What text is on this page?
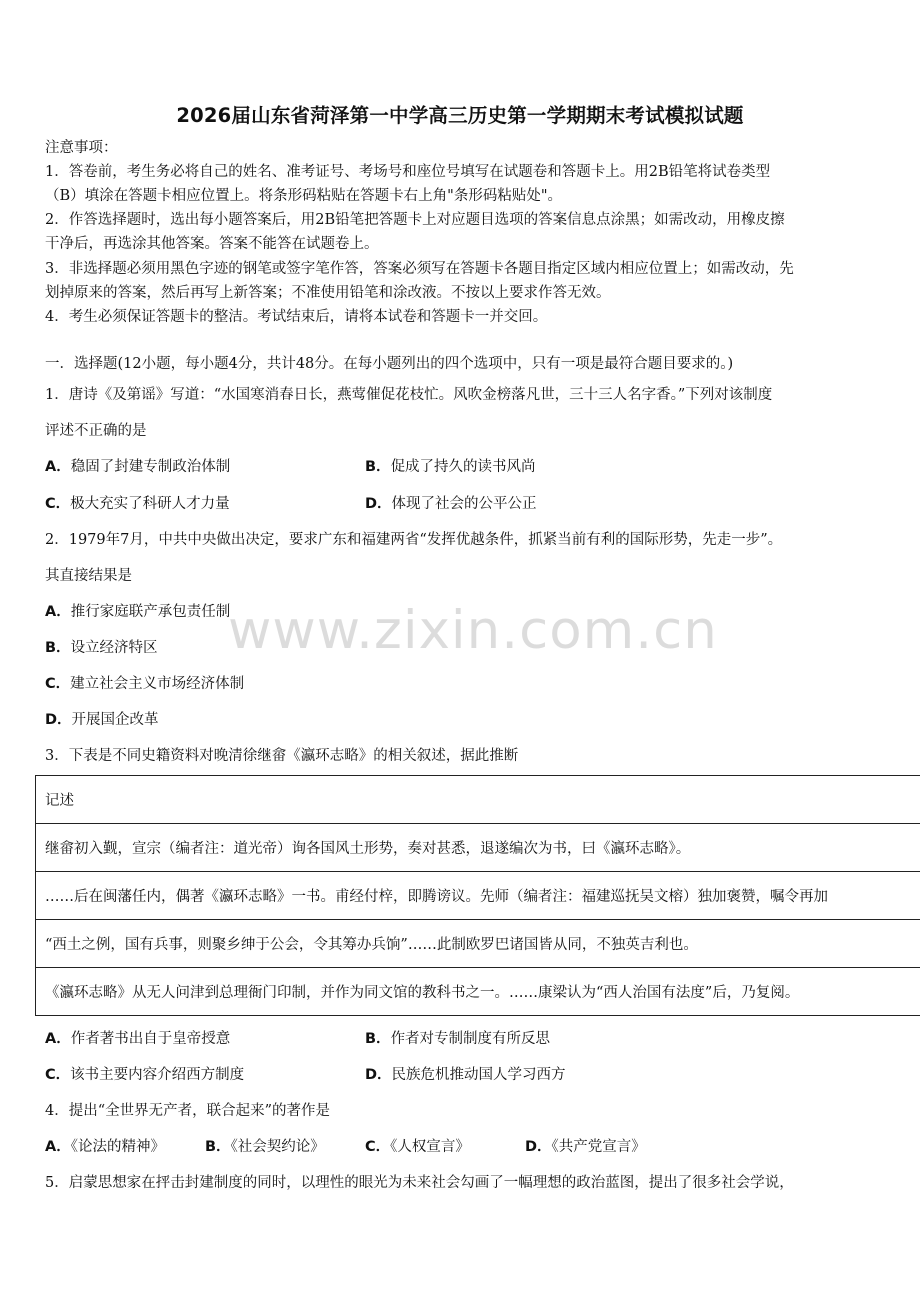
2026届山东省菏泽第一中学高三历史第一学期期末考试模拟试题
注意事项：
1．答卷前，考生务必将自己的姓名、准考证号、考场号和座位号填写在试题卷和答题卡上。用2B铅笔将试卷类型
（B）填涂在答题卡相应位置上。将条形码粘贴在答题卡右上角"条形码粘贴处"。
2．作答选择题时，选出每小题答案后，用2B铅笔把答题卡上对应题目选项的答案信息点涂黑；如需改动，用橡皮擦
干净后，再选涂其他答案。答案不能答在试题卷上。
3．非选择题必须用黑色字迹的钢笔或签字笔作答，答案必须写在答题卡各题目指定区域内相应位置上；如需改动，先
划掉原来的答案，然后再写上新答案；不准使用铅笔和涂改液。不按以上要求作答无效。
4．考生必须保证答题卡的整洁。考试结束后，请将本试卷和答题卡一并交回。
一．选择题(12小题，每小题4分，共计48分。在每小题列出的四个选项中，只有一项是最符合题目要求的。)
1．唐诗《及第谣》写道：“水国寒消春日长，燕莺催促花枝忙。风吹金榜落凡世，三十三人名字香。”下列对该制度
评述不正确的是
A．稳固了封建专制政治体制	B．促成了持久的读书风尚
C．极大充实了科研人才力量	D．体现了社会的公平公正
2．1979年7月，中共中央做出决定，要求广东和福建两省“发挥优越条件，抓紧当前有利的国际形势，先走一步”。
其直接结果是
A．推行家庭联产承包责任制
B．设立经济特区
C．建立社会主义市场经济体制
D．开展国企改革
3．下表是不同史籍资料对晚清徐继畲《瀛环志略》的相关叙述，据此推断
记述
继畲初入觐，宣宗（编者注：道光帝）询各国风土形势，奏对甚悉，退遂编次为书，曰《瀛环志略》。
……后在闽藩任内，偶著《瀛环志略》一书。甫经付梓，即腾谤议。先师（编者注：福建巡抚吴文榕）独加褒赞，嘱令再加
“西土之例，国有兵事，则聚乡绅于公会，令其筹办兵饷”……此制欧罗巴诸国皆从同，不独英吉利也。
《瀛环志略》从无人问津到总理衙门印制，并作为同文馆的教科书之一。……康梁认为“西人治国有法度”后，乃复阅。
A．作者著书出自于皇帝授意	B．作者对专制制度有所反思
C．该书主要内容介绍西方制度	D．民族危机推动国人学习西方
4．提出“全世界无产者，联合起来”的著作是
A．《论法的精神》	B．《社会契约论》	C．《人权宣言》	D．《共产党宣言》
5．启蒙思想家在抨击封建制度的同时，以理性的眼光为未来社会勾画了一幅理想的政治蓝图，提出了很多社会学说，
www.zixin.com.cn
